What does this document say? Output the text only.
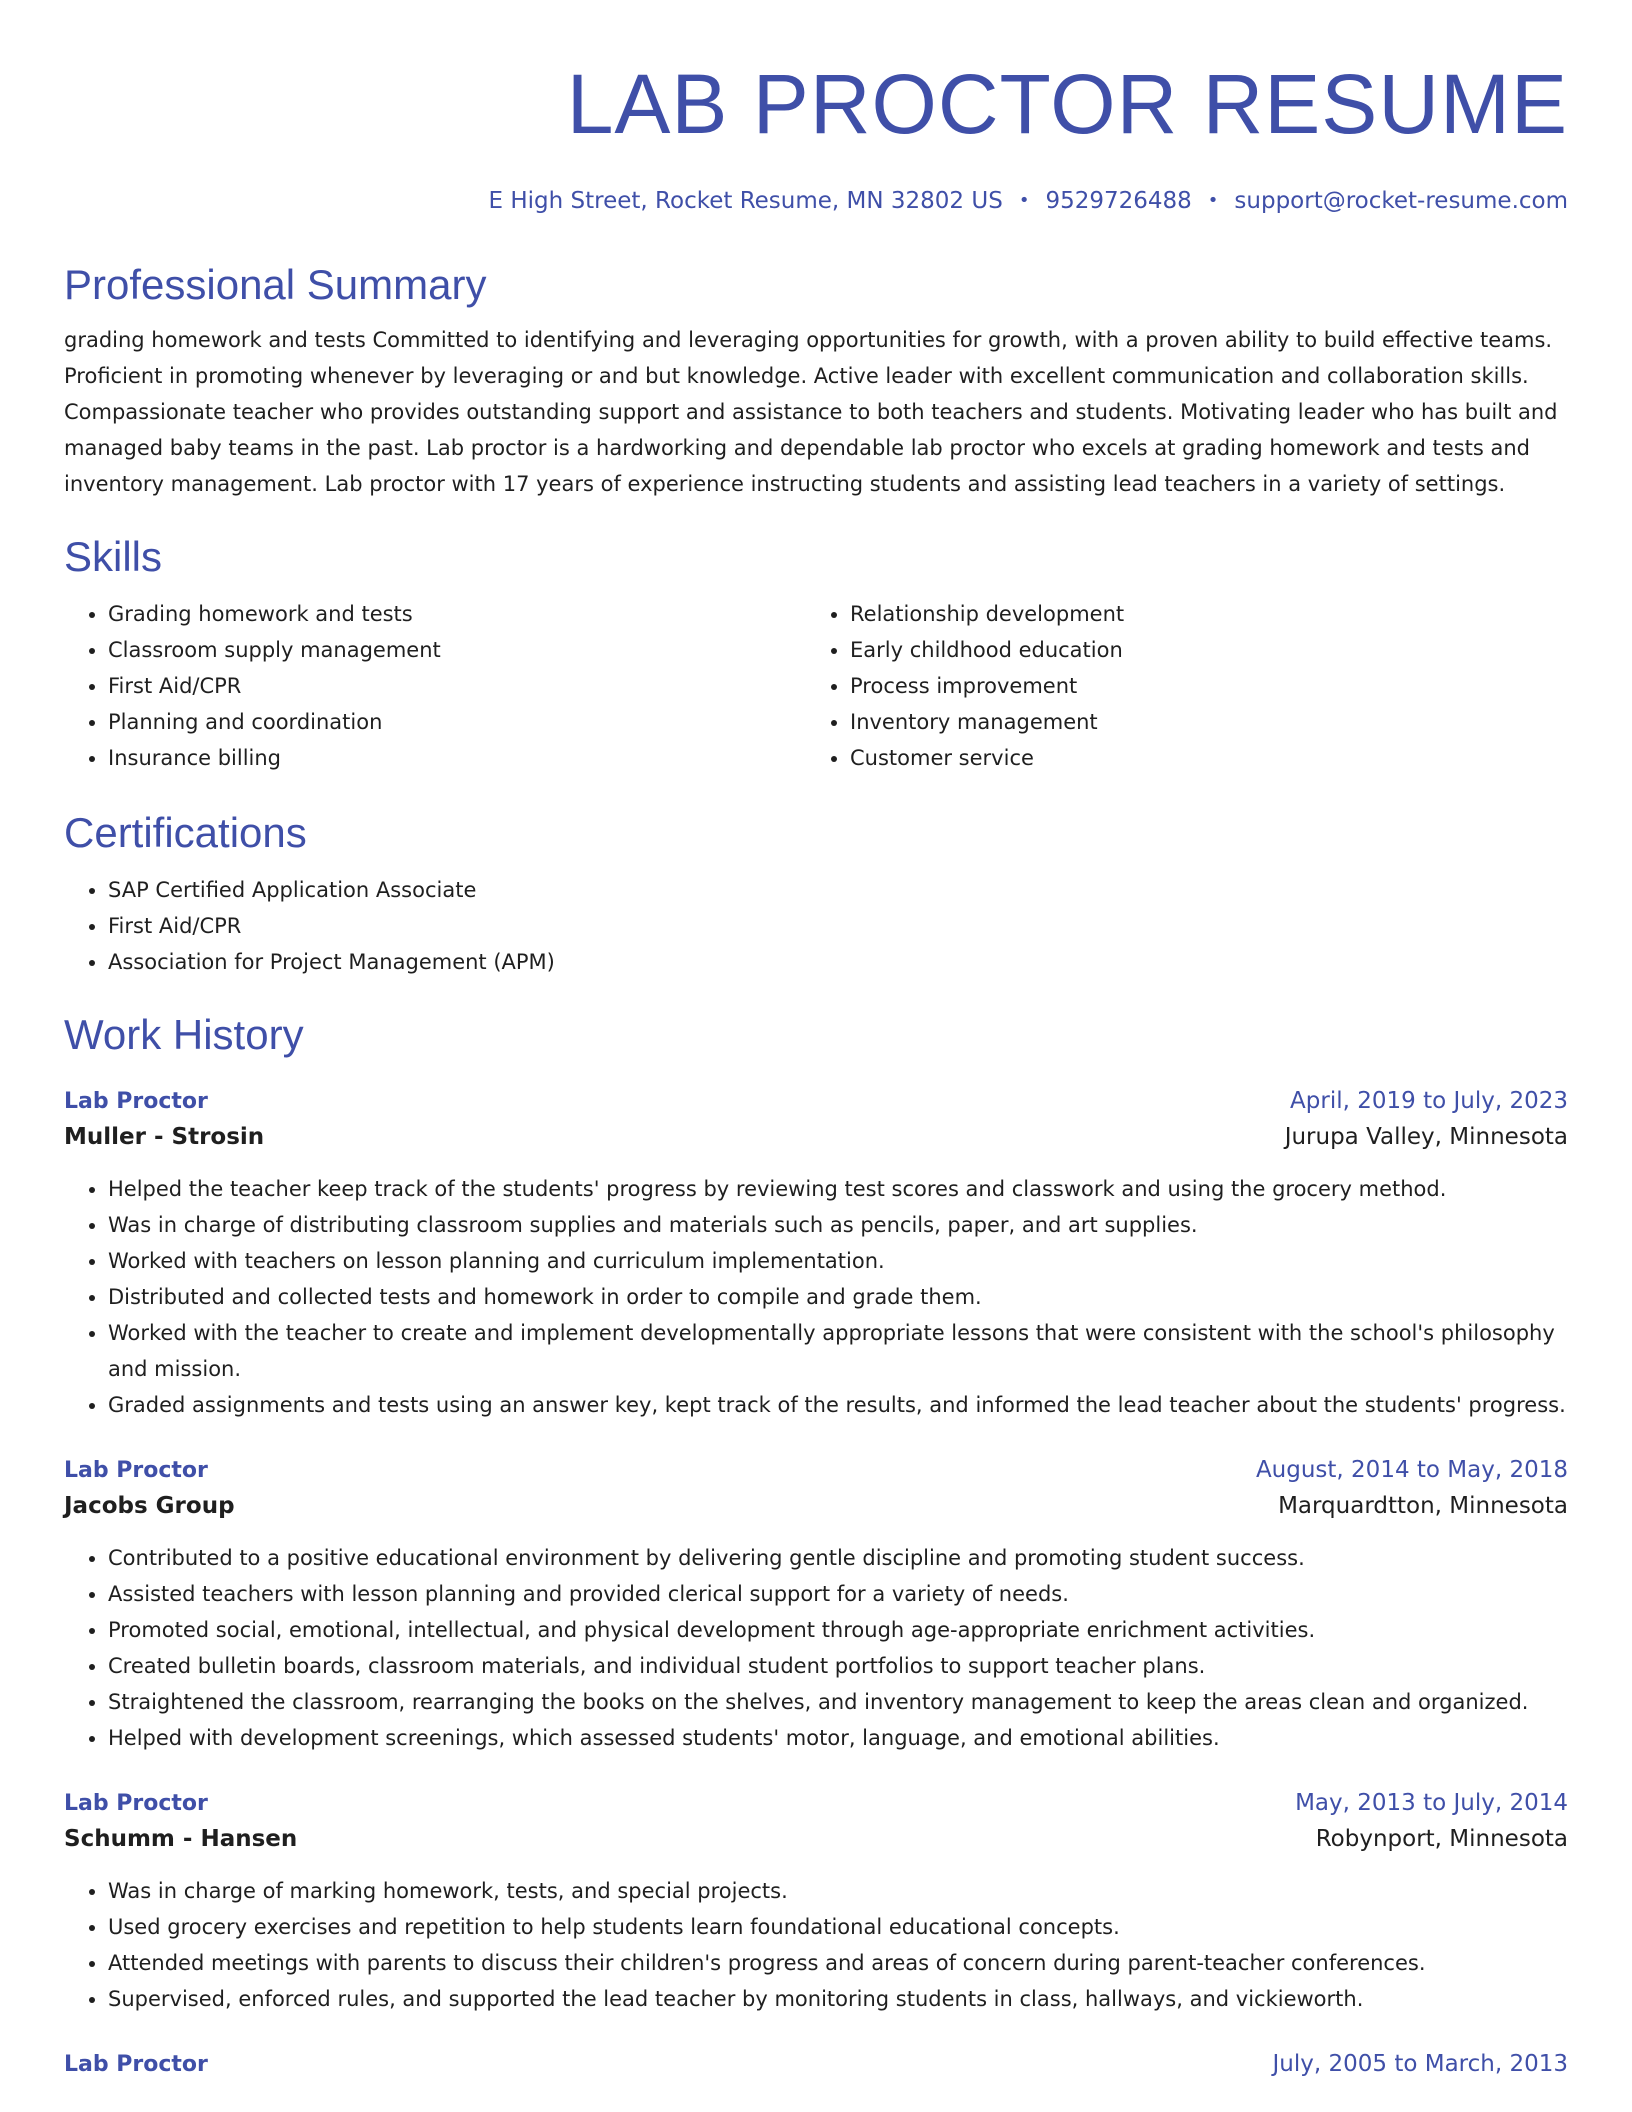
LAB PROCTOR RESUME
E High Street, Rocket Resume, MN 32802 US • 9529726488 • support@rocket-resume.com
Professional Summary

grading homework and tests Committed to identifying and leveraging opportunities for growth, with a proven ability to build effective teams. Proficient in promoting whenever by leveraging or and but knowledge. Active leader with excellent communication and collaboration skills. Compassionate teacher who provides outstanding support and assistance to both teachers and students. Motivating leader who has built and managed baby teams in the past. Lab proctor is a hardworking and dependable lab proctor who excels at grading homework and tests and inventory management. Lab proctor with 17 years of experience instructing students and assisting lead teachers in a variety of settings.

Skills
• Grading homework and tests
• Classroom supply management
• First Aid/CPR
• Planning and coordination
• Insurance billing
• Relationship development
• Early childhood education
• Process improvement
• Inventory management
• Customer service
Certifications
• SAP Certified Application Associate
• First Aid/CPR
• Association for Project Management (APM)
Work History
Lab Proctor	April, 2019 to July, 2023
Muller - Strosin	Jurupa Valley, Minnesota
• Helped the teacher keep track of the students' progress by reviewing test scores and classwork and using the grocery method.
• Was in charge of distributing classroom supplies and materials such as pencils, paper, and art supplies.
• Worked with teachers on lesson planning and curriculum implementation.
• Distributed and collected tests and homework in order to compile and grade them.
• Worked with the teacher to create and implement developmentally appropriate lessons that were consistent with the school's philosophy and mission.
• Graded assignments and tests using an answer key, kept track of the results, and informed the lead teacher about the students' progress.
Lab Proctor	August, 2014 to May, 2018
Jacobs Group	Marquardtton, Minnesota
• Contributed to a positive educational environment by delivering gentle discipline and promoting student success.
• Assisted teachers with lesson planning and provided clerical support for a variety of needs.
• Promoted social, emotional, intellectual, and physical development through age-appropriate enrichment activities.
• Created bulletin boards, classroom materials, and individual student portfolios to support teacher plans.
• Straightened the classroom, rearranging the books on the shelves, and inventory management to keep the areas clean and organized.
• Helped with development screenings, which assessed students' motor, language, and emotional abilities.
Lab Proctor	May, 2013 to July, 2014
Schumm - Hansen	Robynport, Minnesota
• Was in charge of marking homework, tests, and special projects.
• Used grocery exercises and repetition to help students learn foundational educational concepts.
• Attended meetings with parents to discuss their children's progress and areas of concern during parent-teacher conferences.
• Supervised, enforced rules, and supported the lead teacher by monitoring students in class, hallways, and vickieworth.
Lab Proctor	July, 2005 to March, 2013
